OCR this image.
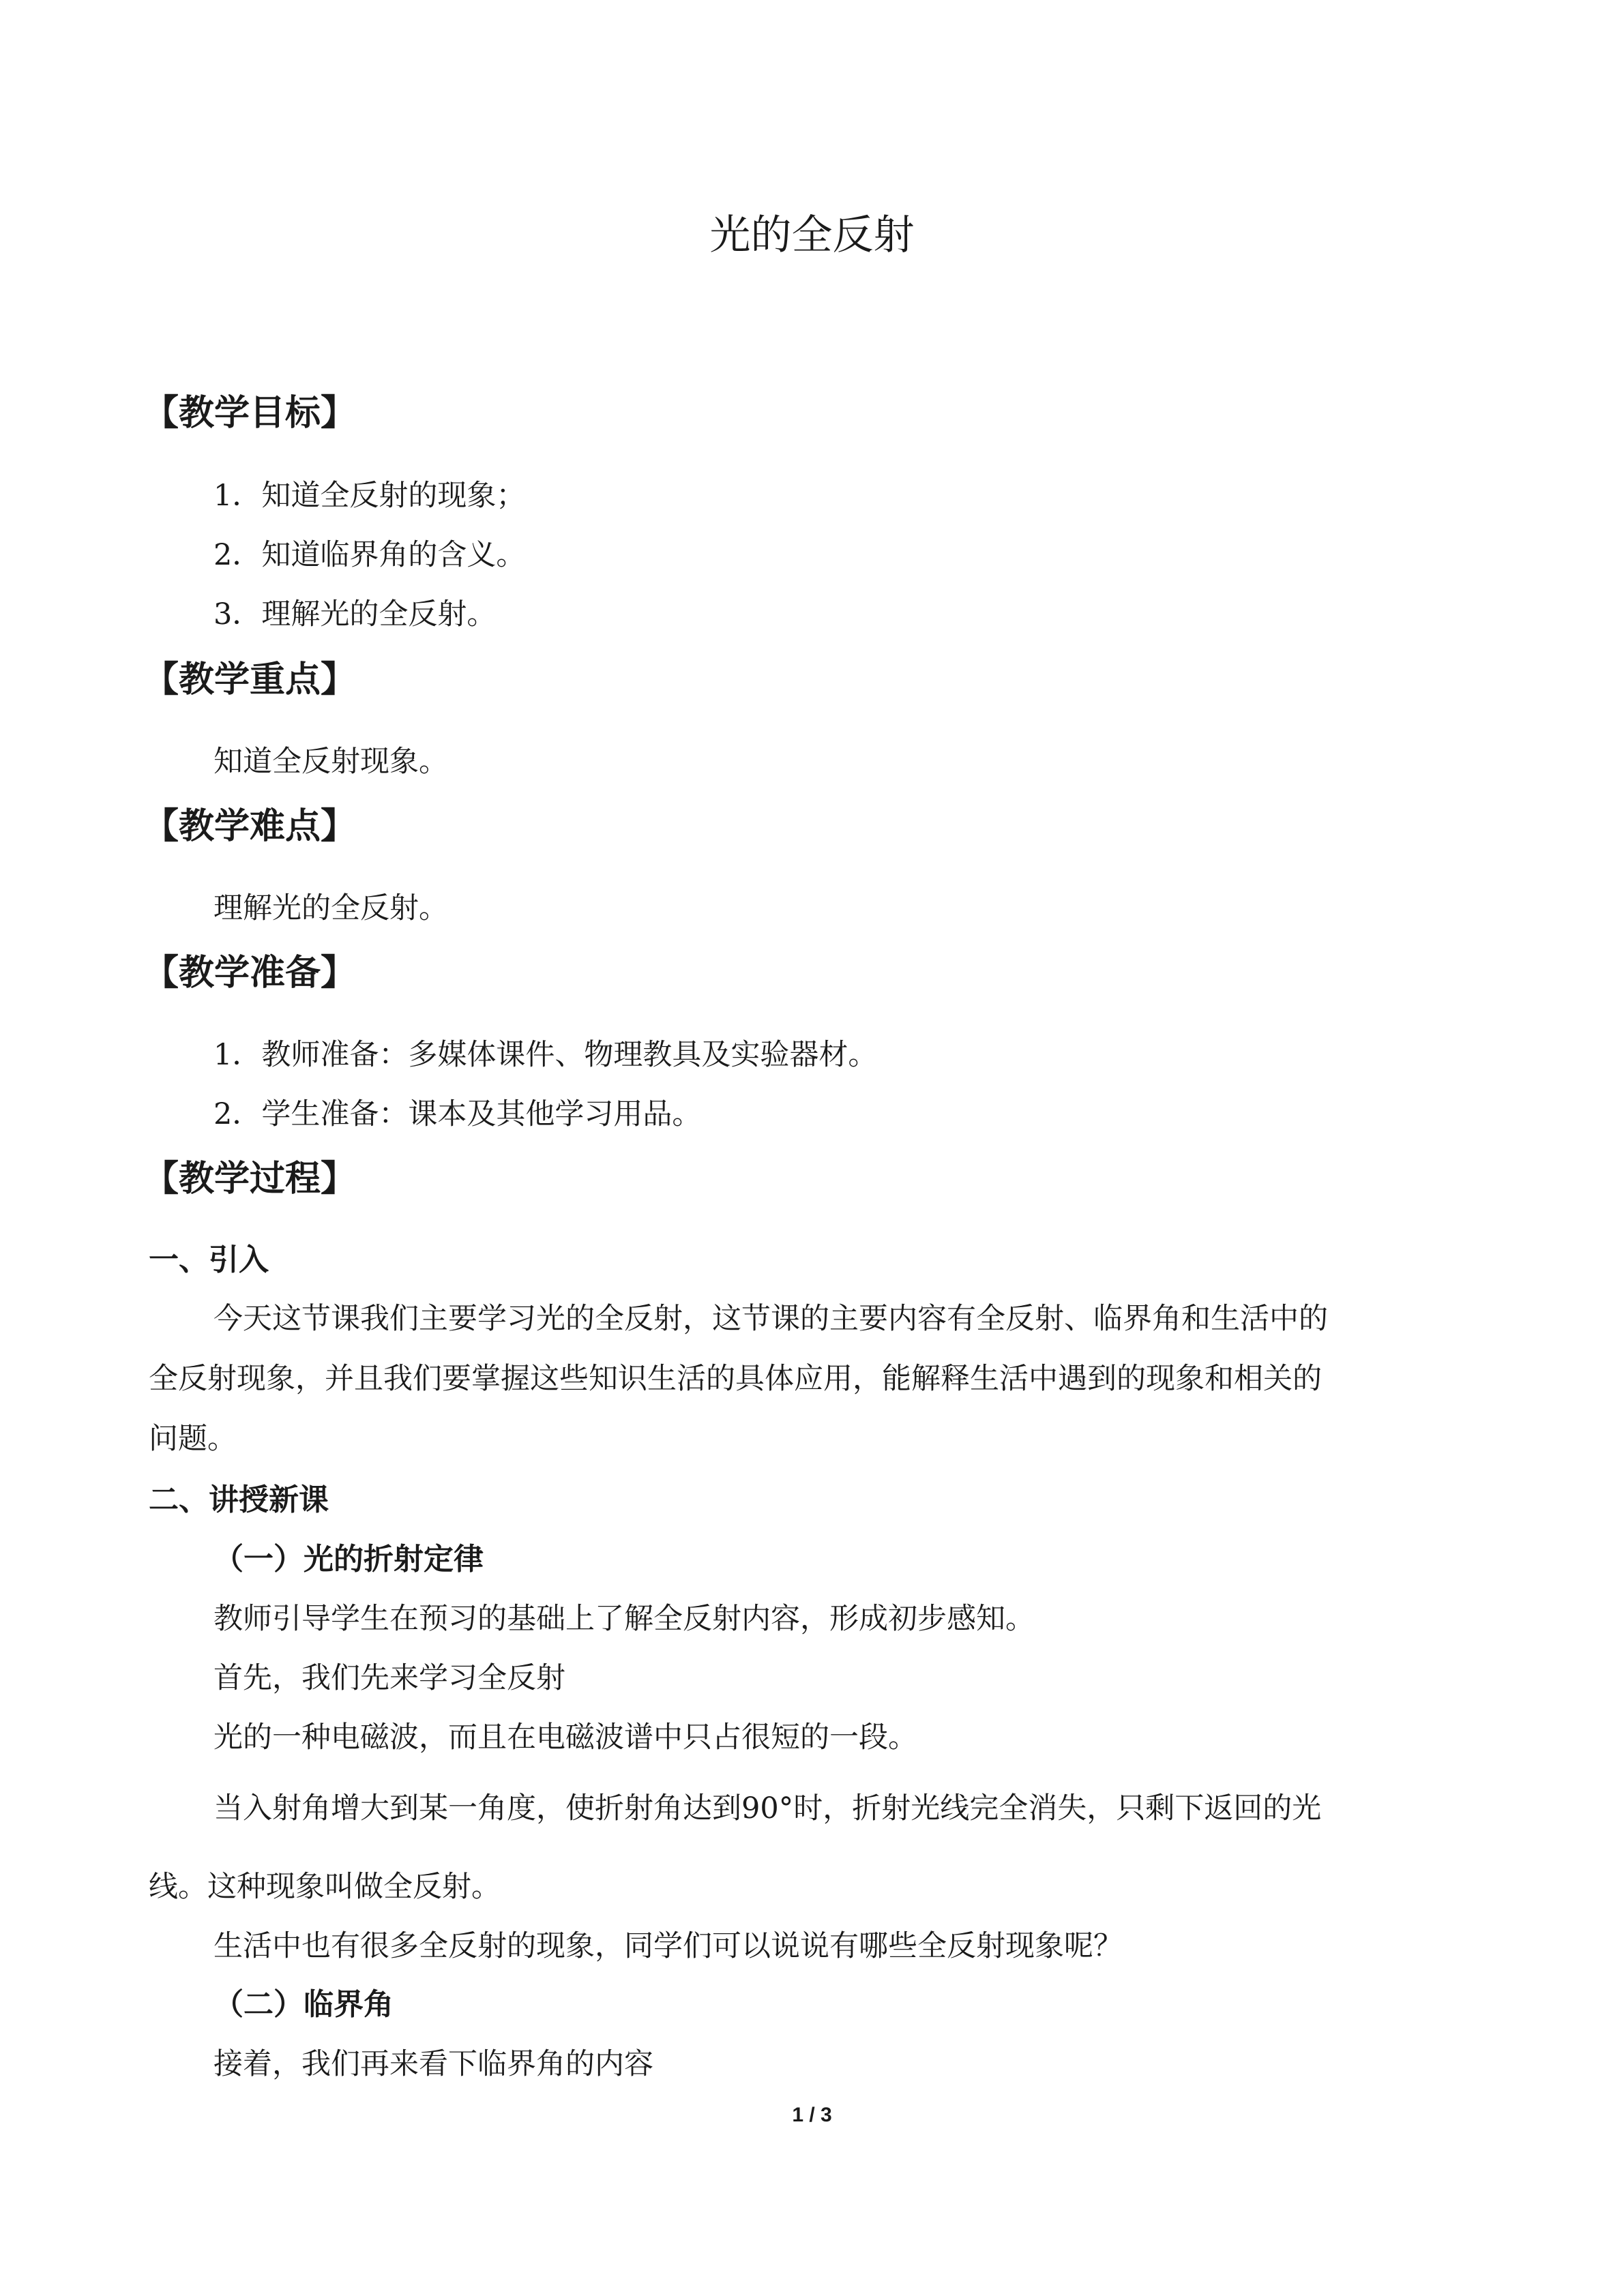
光的全反射
【教学目标】

1．知道全反射的现象；

2．知道临界角的含义。

3．理解光的全反射。

【教学重点】

知道全反射现象。

【教学难点】

理解光的全反射。

【教学准备】

1．教师准备：多媒体课件、物理教具及实验器材。

2．学生准备：课本及其他学习用品。

【教学过程】

一、引入

今天这节课我们主要学习光的全反射，这节课的主要内容有全反射、临界角和生活中的

全反射现象，并且我们要掌握这些知识生活的具体应用，能解释生活中遇到的现象和相关的

问题。

二、讲授新课

（一）光的折射定律

教师引导学生在预习的基础上了解全反射内容，形成初步感知。

首先，我们先来学习全反射

光的一种电磁波，而且在电磁波谱中只占很短的一段。

当入射角增大到某一角度，使折射角达到90°时，折射光线完全消失，只剩下返回的光

线。这种现象叫做全反射。

生活中也有很多全反射的现象，同学们可以说说有哪些全反射现象呢？

（二）临界角

接着，我们再来看下临界角的内容

1 / 3
